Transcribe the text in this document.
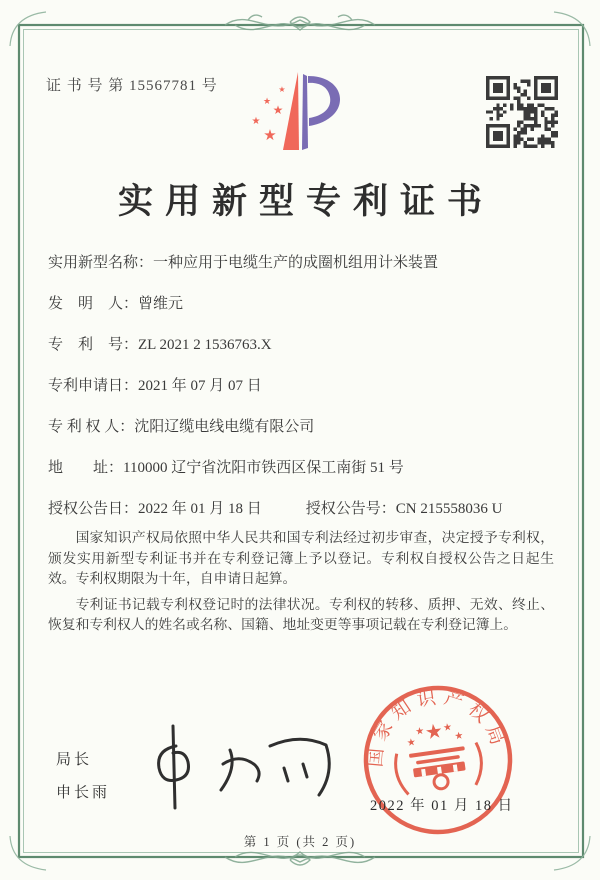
证 书 号 第 15567781 号	★
★
★
★
★
实用新型专利证书
实用新型名称：一种应用于电缆生产的成圈机组用计米装置
发　明　人：曾维元
专　利　号：ZL 2021 2 1536763.X
专利申请日：2021 年 07 月 07 日
专 利 权 人：沈阳辽缆电线电缆有限公司
地　　址：110000 辽宁省沈阳市铁西区保工南街 51 号
授权公告日：2022 年 01 月 18 日	授权公告号：CN 215558036 U

国家知识产权局依照中华人民共和国专利法经过初步审查，决定授予专利权，颁发实用新型专利证书并在专利登记簿上予以登记。专利权自授权公告之日起生效。专利权期限为十年，自申请日起算。

专利证书记载专利权登记时的法律状况。专利权的转移、质押、无效、终止、恢复和专利权人的姓名或名称、国籍、地址变更等事项记载在专利登记簿上。

局长
申长雨
国家知识产权局
★
★
★ ★
★
2022 年 01 月 18 日
第 1 页 (共 2 页)
